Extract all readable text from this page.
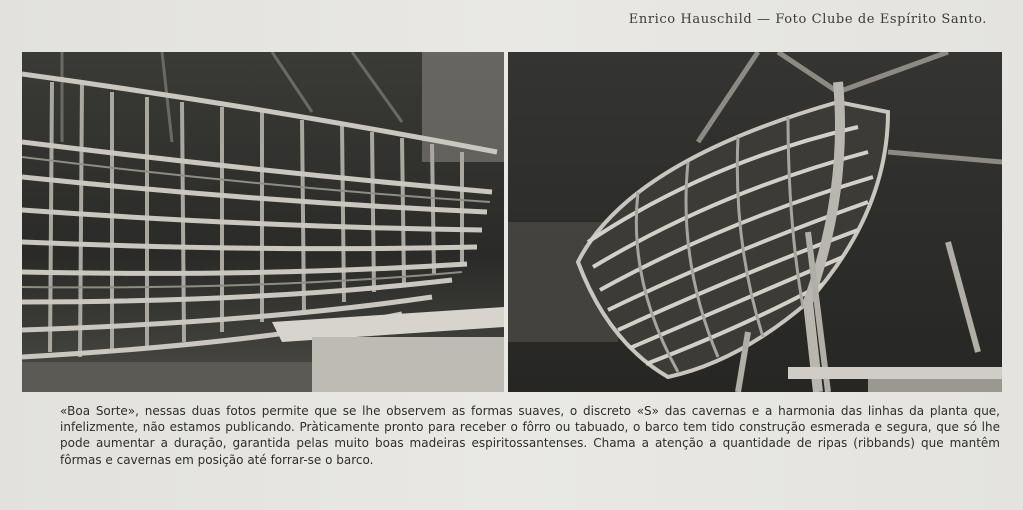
Enrico Hauschild — Foto Clube de Espírito Santo.

«Boa Sorte», nessas duas fotos permite que se lhe observem as formas suaves, o discreto «S» das cavernas e a harmonia das linhas da planta que, infelizmente, não estamos publicando. Pràticamente pronto para receber o fôrro ou tabuado, o barco tem tido construção esmerada e segura, que só lhe pode aumentar a duração, garantida pelas muito boas madeiras espiritossantenses. Chama a atenção a quantidade de ripas (ribbands) que mantêm fôrmas e cavernas em posição até forrar-se o barco.
